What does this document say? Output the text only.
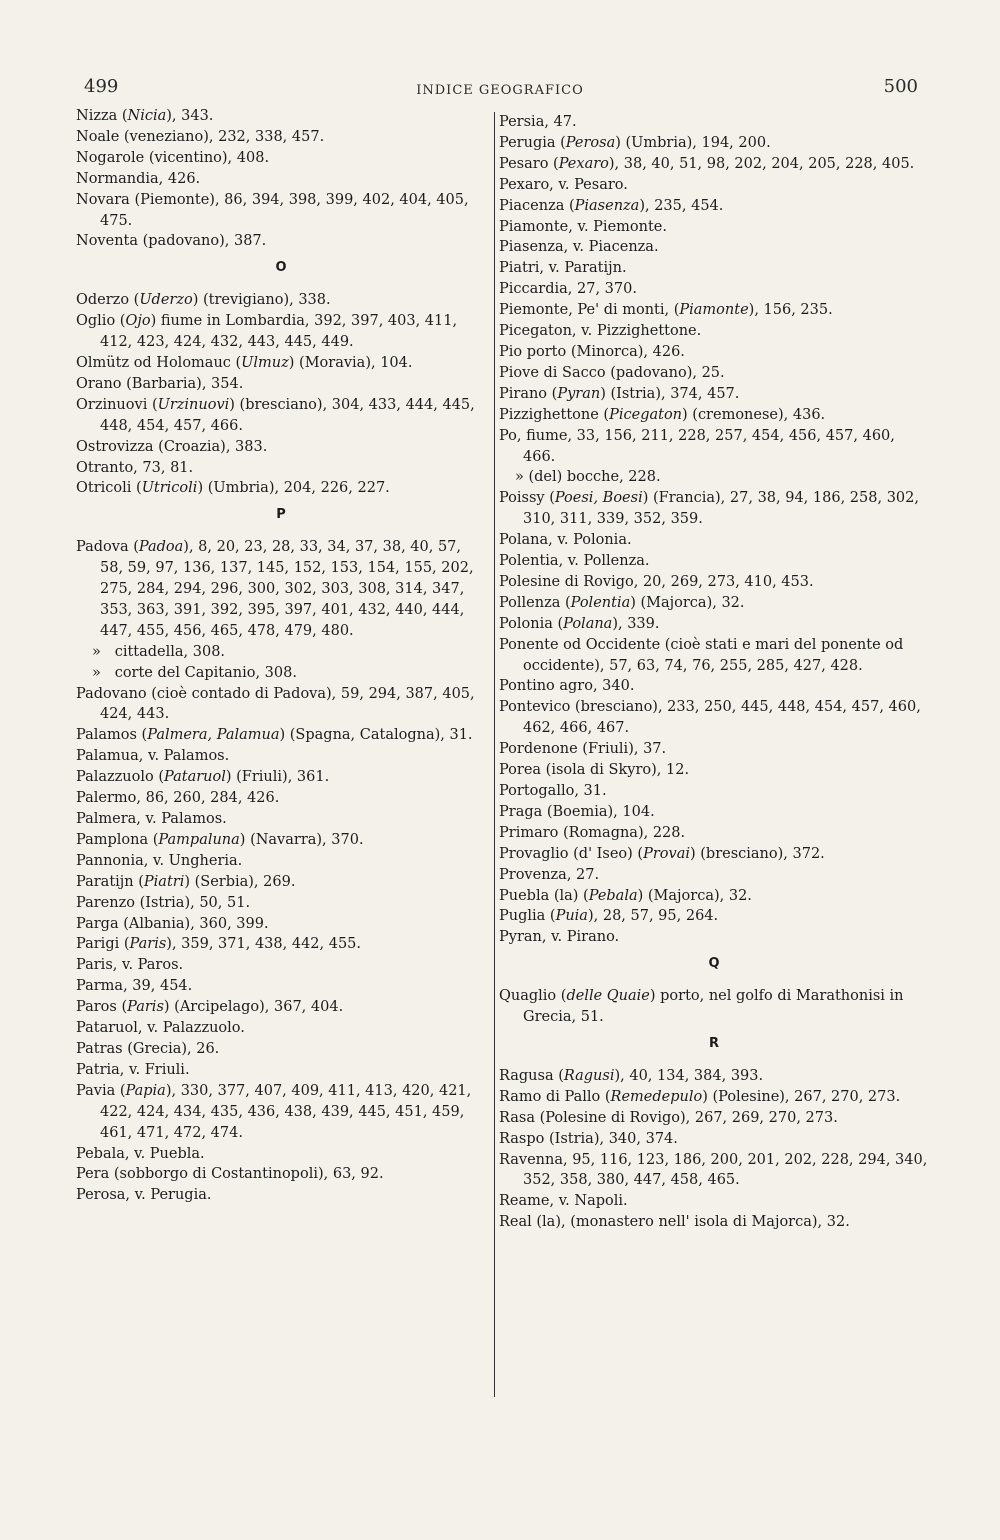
499	INDICE GEOGRAFICO	500
Nizza (Nicia), 343.
Noale (veneziano), 232, 338, 457.
Nogarole (vicentino), 408.
Normandia, 426.
Novara (Piemonte), 86, 394, 398, 399, 402, 404, 405, 475.
Noventa (padovano), 387.
O
Oderzo (Uderzo) (trevigiano), 338.
Oglio (Ojo) fiume in Lombardia, 392, 397, 403, 411, 412, 423, 424, 432, 443, 445, 449.
Olmütz od Holomauc (Ulmuz) (Moravia), 104.
Orano (Barbaria), 354.
Orzinuovi (Urzinuovi) (bresciano), 304, 433, 444, 445, 448, 454, 457, 466.
Ostrovizza (Croazia), 383.
Otranto, 73, 81.
Otricoli (Utricoli) (Umbria), 204, 226, 227.
P
Padova (Padoa), 8, 20, 23, 28, 33, 34, 37, 38, 40, 57, 58, 59, 97, 136, 137, 145, 152, 153, 154, 155, 202, 275, 284, 294, 296, 300, 302, 303, 308, 314, 347, 353, 363, 391, 392, 395, 397, 401, 432, 440, 444, 447, 455, 456, 465, 478, 479, 480.
»   cittadella, 308.
»   corte del Capitanio, 308.
Padovano (cioè contado di Padova), 59, 294, 387, 405, 424, 443.
Palamos (Palmera, Palamua) (Spagna, Catalogna), 31.
Palamua, v. Palamos.
Palazzuolo (Pataruol) (Friuli), 361.
Palermo, 86, 260, 284, 426.
Palmera, v. Palamos.
Pamplona (Pampaluna) (Navarra), 370.
Pannonia, v. Ungheria.
Paratijn (Piatri) (Serbia), 269.
Parenzo (Istria), 50, 51.
Parga (Albania), 360, 399.
Parigi (Paris), 359, 371, 438, 442, 455.
Paris, v. Paros.
Parma, 39, 454.
Paros (Paris) (Arcipelago), 367, 404.
Pataruol, v. Palazzuolo.
Patras (Grecia), 26.
Patria, v. Friuli.
Pavia (Papia), 330, 377, 407, 409, 411, 413, 420, 421, 422, 424, 434, 435, 436, 438, 439, 445, 451, 459, 461, 471, 472, 474.
Pebala, v. Puebla.
Pera (sobborgo di Costantinopoli), 63, 92.
Perosa, v. Perugia.
Persia, 47.
Perugia (Perosa) (Umbria), 194, 200.
Pesaro (Pexaro), 38, 40, 51, 98, 202, 204, 205, 228, 405.
Pexaro, v. Pesaro.
Piacenza (Piasenza), 235, 454.
Piamonte, v. Piemonte.
Piasenza, v. Piacenza.
Piatri, v. Paratijn.
Piccardia, 27, 370.
Piemonte, Pe' di monti, (Piamonte), 156, 235.
Picegaton, v. Pizzighettone.
Pio porto (Minorca), 426.
Piove di Sacco (padovano), 25.
Pirano (Pyran) (Istria), 374, 457.
Pizzighettone (Picegaton) (cremonese), 436.
Po, fiume, 33, 156, 211, 228, 257, 454, 456, 457, 460, 466.
» (del) bocche, 228.
Poissy (Poesi, Boesi) (Francia), 27, 38, 94, 186, 258, 302, 310, 311, 339, 352, 359.
Polana, v. Polonia.
Polentia, v. Pollenza.
Polesine di Rovigo, 20, 269, 273, 410, 453.
Pollenza (Polentia) (Majorca), 32.
Polonia (Polana), 339.
Ponente od Occidente (cioè stati e mari del ponente od occidente), 57, 63, 74, 76, 255, 285, 427, 428.
Pontino agro, 340.
Pontevico (bresciano), 233, 250, 445, 448, 454, 457, 460, 462, 466, 467.
Pordenone (Friuli), 37.
Porea (isola di Skyro), 12.
Portogallo, 31.
Praga (Boemia), 104.
Primaro (Romagna), 228.
Provaglio (d' Iseo) (Provai) (bresciano), 372.
Provenza, 27.
Puebla (la) (Pebala) (Majorca), 32.
Puglia (Puia), 28, 57, 95, 264.
Pyran, v. Pirano.
Q
Quaglio (delle Quaie) porto, nel golfo di Marathonisi in Grecia, 51.
R
Ragusa (Ragusi), 40, 134, 384, 393.
Ramo di Pallo (Remedepulo) (Polesine), 267, 270, 273.
Rasa (Polesine di Rovigo), 267, 269, 270, 273.
Raspo (Istria), 340, 374.
Ravenna, 95, 116, 123, 186, 200, 201, 202, 228, 294, 340, 352, 358, 380, 447, 458, 465.
Reame, v. Napoli.
Real (la), (monastero nell' isola di Majorca), 32.
